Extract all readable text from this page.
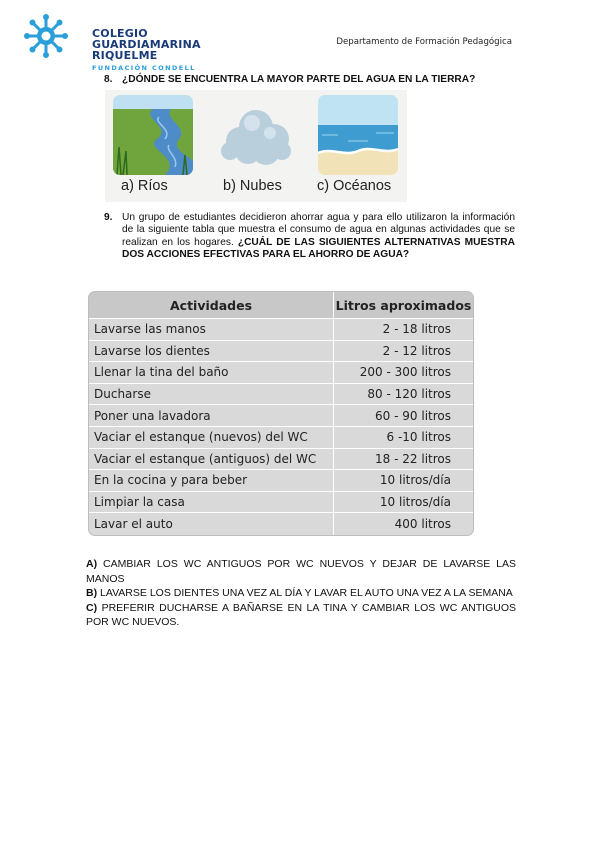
COLEGIO
GUARDIAMARINA
RIQUELME
FUNDACIÓN CONDELL
Departamento de Formación Pedagógica
8. ¿DÓNDE SE ENCUENTRA LA MAYOR PARTE DEL AGUA EN LA TIERRA?
a) Ríos	b) Nubes c) Océanos
9. Un grupo de estudiantes decidieron ahorrar agua y para ello utilizaron la información de la siguiente tabla que muestra el consumo de agua en algunas actividades que se realizan en los hogares. ¿CUÁL DE LAS SIGUIENTES ALTERNATIVAS MUESTRA DOS ACCIONES EFECTIVAS PARA EL AHORRO DE AGUA?
Actividades	Litros aproximados
Lavarse las manos	2 - 18 litros
Lavarse los dientes	2 - 12 litros
Llenar la tina del baño	200 - 300 litros
Ducharse	80 - 120 litros
Poner una lavadora	60 - 90 litros
Vaciar el estanque (nuevos) del WC	6 -10 litros
Vaciar el estanque (antiguos) del WC	18 - 22 litros
En la cocina y para beber	10 litros/día
Limpiar la casa	10 litros/día
Lavar el auto	400 litros

A) CAMBIAR LOS WC ANTIGUOS POR WC NUEVOS Y DEJAR DE LAVARSE LAS MANOS

B) LAVARSE LOS DIENTES UNA VEZ AL DÍA Y LAVAR EL AUTO UNA VEZ A LA SEMANA

C) PREFERIR DUCHARSE A BAÑARSE EN LA TINA Y CAMBIAR LOS WC ANTIGUOS POR WC NUEVOS.
